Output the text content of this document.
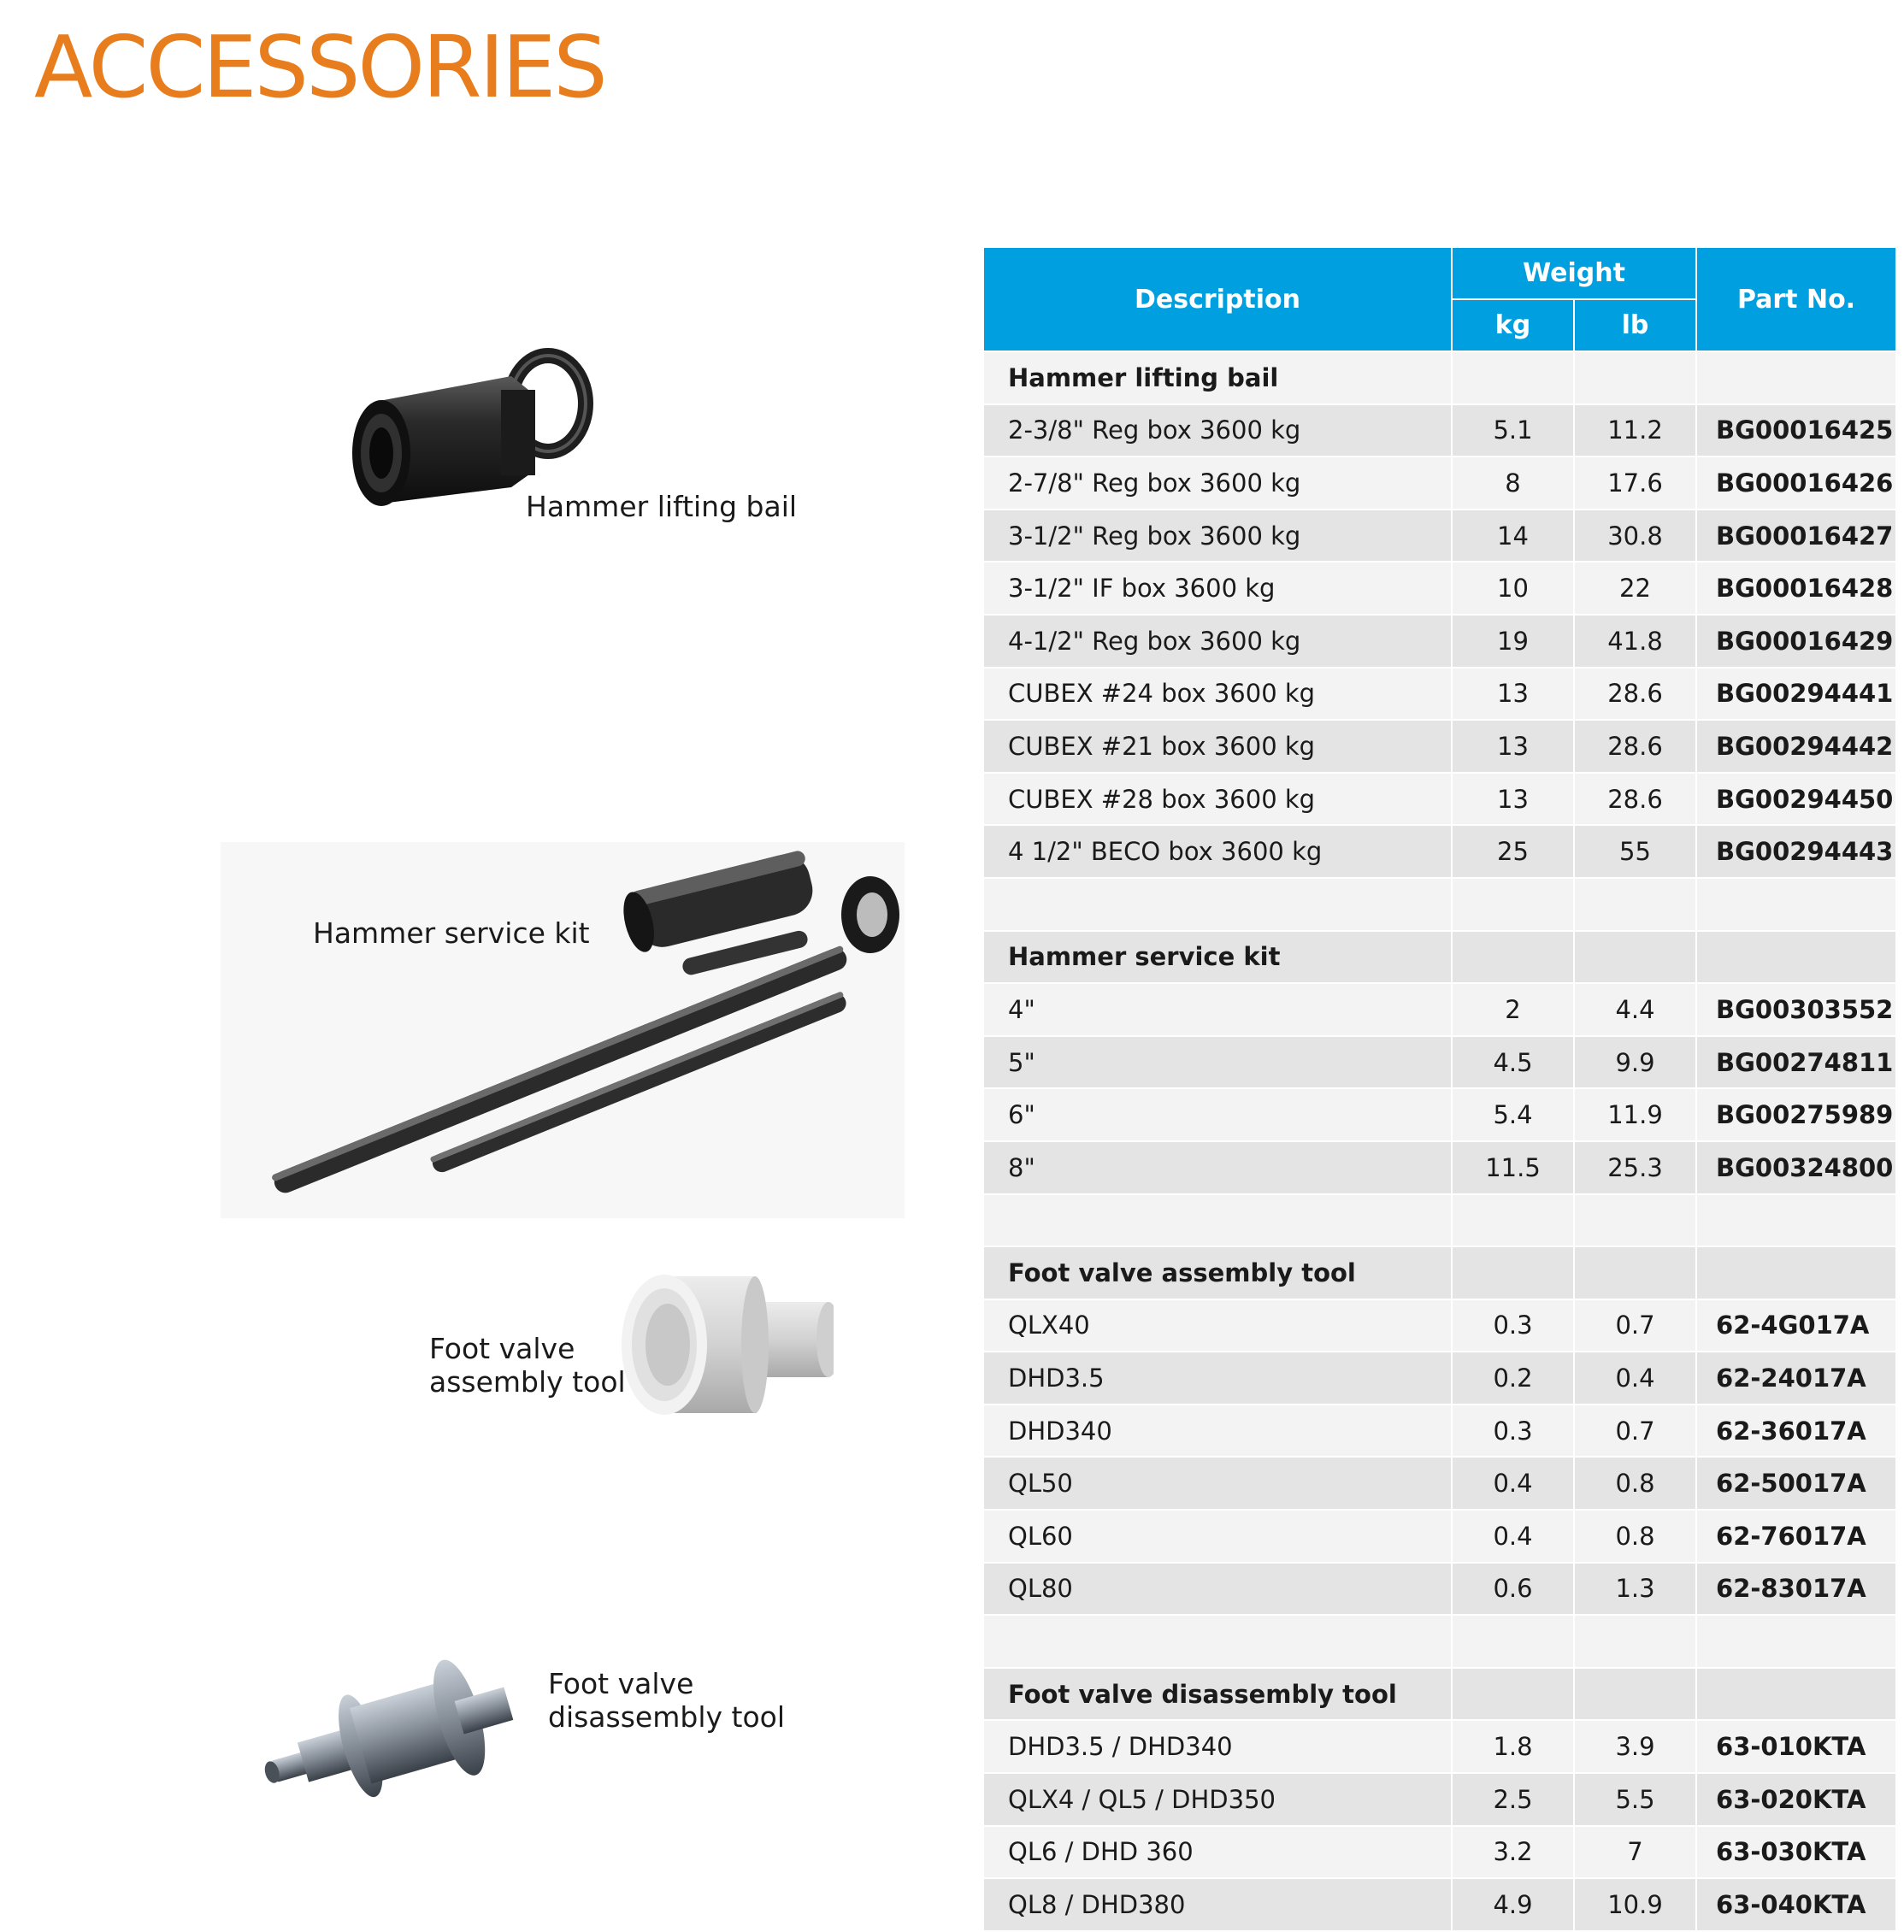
ACCESSORIES

Hammer lifting bail

Hammer service kit

Foot valve
assembly tool

Foot valve
disassembly tool

Description	Weight		Part No.
	kg	lb	
Hammer lifting bail			
2-3/8" Reg box 3600 kg	5.1	11.2	BG00016425
2-7/8" Reg box 3600 kg	8	17.6	BG00016426
3-1/2" Reg box 3600 kg	14	30.8	BG00016427
3-1/2" IF box 3600 kg	10	22	BG00016428
4-1/2" Reg box 3600 kg	19	41.8	BG00016429
CUBEX #24 box 3600 kg	13	28.6	BG00294441
CUBEX #21 box 3600 kg	13	28.6	BG00294442
CUBEX #28 box 3600 kg	13	28.6	BG00294450
4 1/2" BECO box 3600 kg	25	55	BG00294443

Hammer service kit			
4"	2	4.4	BG00303552
5"	4.5	9.9	BG00274811
6"	5.4	11.9	BG00275989
8"	11.5	25.3	BG00324800

Foot valve assembly tool			
QLX40	0.3	0.7	62-4G017A
DHD3.5	0.2	0.4	62-24017A
DHD340	0.3	0.7	62-36017A
QL50	0.4	0.8	62-50017A
QL60	0.4	0.8	62-76017A
QL80	0.6	1.3	62-83017A

Foot valve disassembly tool			
DHD3.5 / DHD340	1.8	3.9	63-010KTA
QLX4 / QL5 / DHD350	2.5	5.5	63-020KTA
QL6 / DHD 360	3.2	7	63-030KTA
QL8 / DHD380	4.9	10.9	63-040KTA
